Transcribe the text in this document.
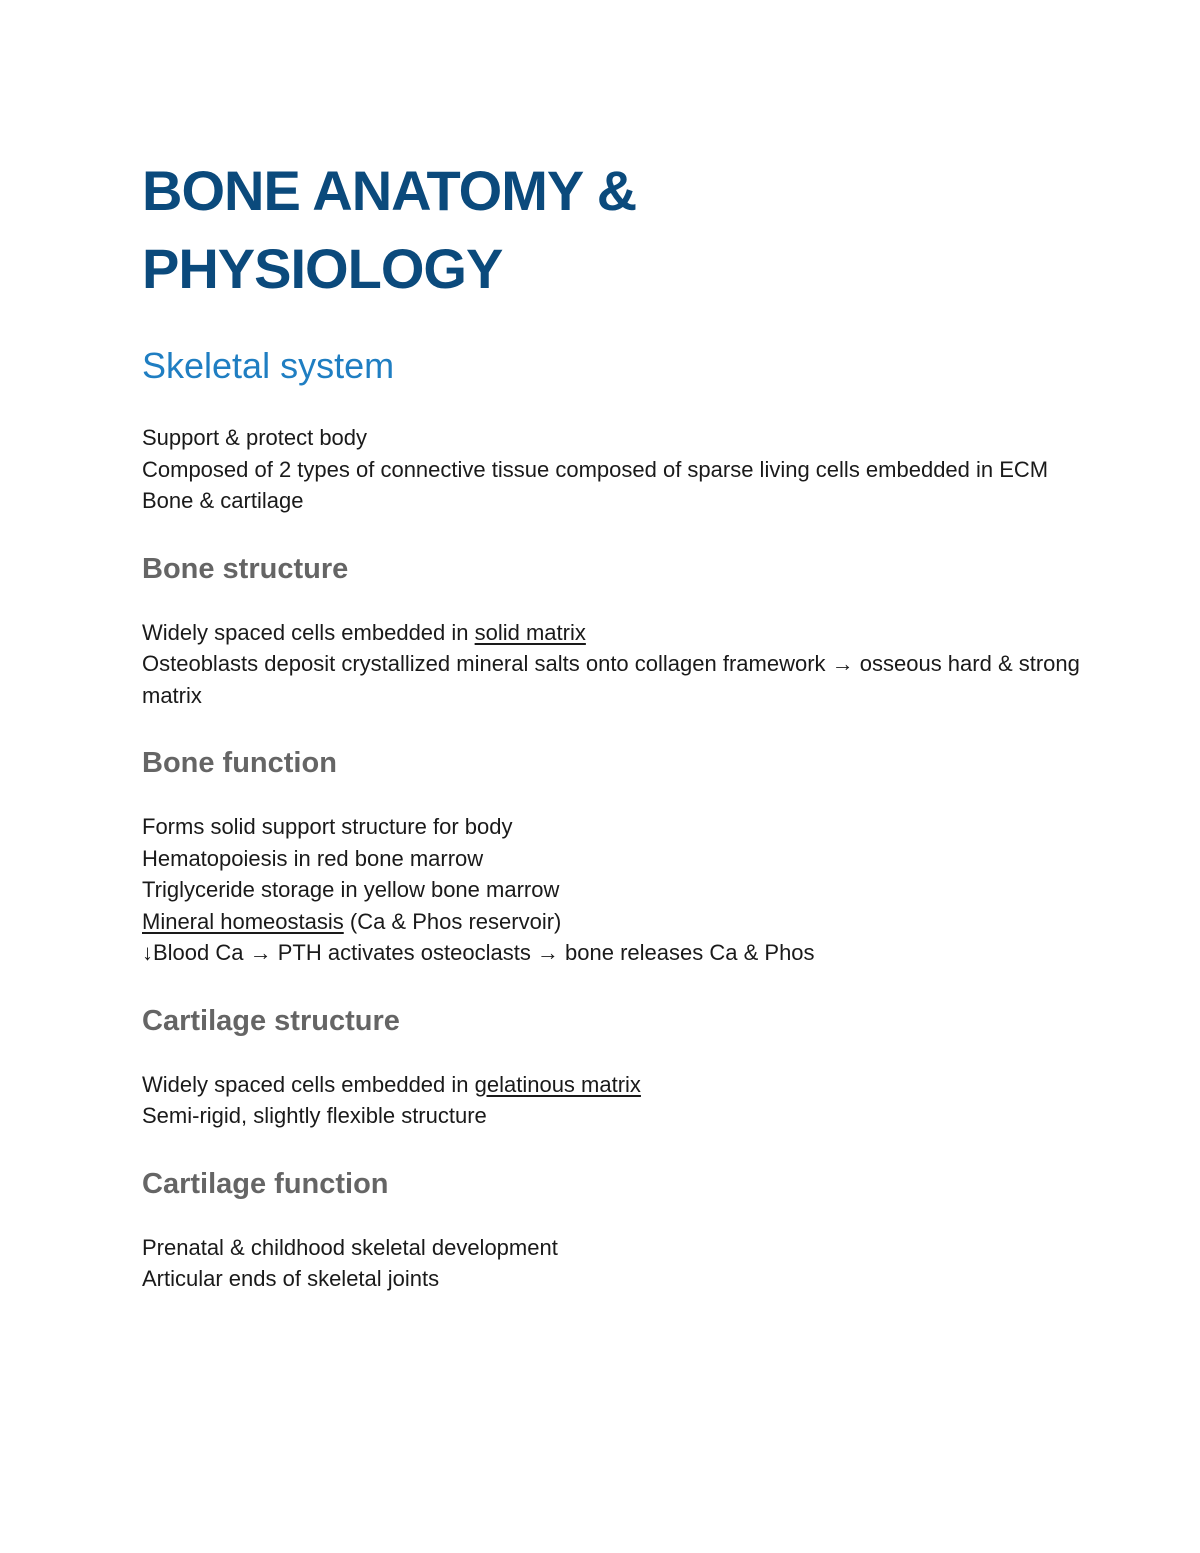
BONE ANATOMY &
PHYSIOLOGY
Skeletal system
Support & protect body
Composed of 2 types of connective tissue composed of sparse living cells embedded in ECM
Bone & cartilage
Bone structure
Widely spaced cells embedded in solid matrix
Osteoblasts deposit crystallized mineral salts onto collagen framework → osseous hard & strong matrix
Bone function
Forms solid support structure for body
Hematopoiesis in red bone marrow
Triglyceride storage in yellow bone marrow
Mineral homeostasis (Ca & Phos reservoir)
↓Blood Ca → PTH activates osteoclasts → bone releases Ca & Phos
Cartilage structure
Widely spaced cells embedded in gelatinous matrix
Semi-rigid, slightly flexible structure
Cartilage function
Prenatal & childhood skeletal development
Articular ends of skeletal joints
